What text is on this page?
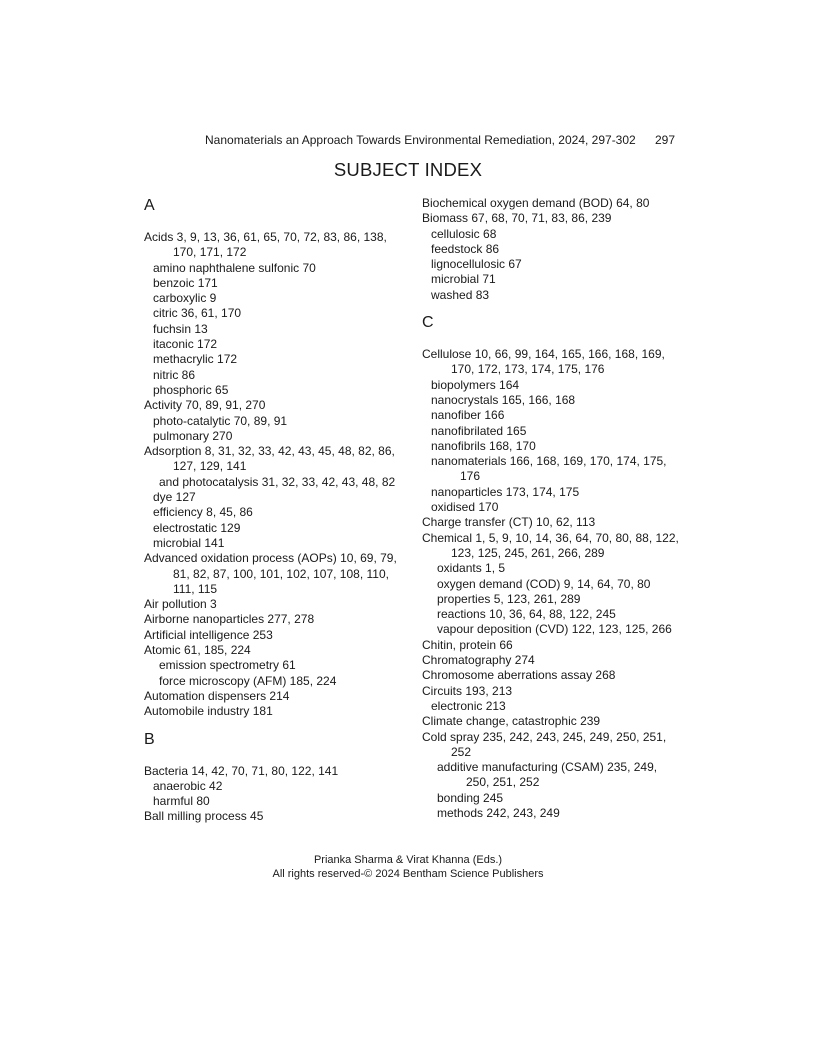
Nanomaterials an Approach Towards Environmental Remediation, 2024, 297-302 297
SUBJECT INDEX
A

Acids 3, 9, 13, 36, 61, 65, 70, 72, 83, 86, 138, 170, 171, 172

amino naphthalene sulfonic 70

benzoic 171

carboxylic 9

citric 36, 61, 170

fuchsin 13

itaconic 172

methacrylic 172

nitric 86

phosphoric 65

Activity 70, 89, 91, 270

photo-catalytic 70, 89, 91

pulmonary 270

Adsorption 8, 31, 32, 33, 42, 43, 45, 48, 82, 86, 127, 129, 141

and photocatalysis 31, 32, 33, 42, 43, 48, 82

dye 127

efficiency 8, 45, 86

electrostatic 129

microbial 141

Advanced oxidation process (AOPs) 10, 69, 79, 81, 82, 87, 100, 101, 102, 107, 108, 110, 111, 115

Air pollution 3

Airborne nanoparticles 277, 278

Artificial intelligence 253

Atomic 61, 185, 224

emission spectrometry 61

force microscopy (AFM) 185, 224

Automation dispensers 214

Automobile industry 181

B

Bacteria 14, 42, 70, 71, 80, 122, 141

anaerobic 42

harmful 80

Ball milling process 45

Biochemical oxygen demand (BOD) 64, 80

Biomass 67, 68, 70, 71, 83, 86, 239

cellulosic 68

feedstock 86

lignocellulosic 67

microbial 71

washed 83

C

Cellulose 10, 66, 99, 164, 165, 166, 168, 169, 170, 172, 173, 174, 175, 176

biopolymers 164

nanocrystals 165, 166, 168

nanofiber 166

nanofibrilated 165

nanofibrils 168, 170

nanomaterials 166, 168, 169, 170, 174, 175, 176

nanoparticles 173, 174, 175

oxidised 170

Charge transfer (CT) 10, 62, 113

Chemical 1, 5, 9, 10, 14, 36, 64, 70, 80, 88, 122, 123, 125, 245, 261, 266, 289

oxidants 1, 5

oxygen demand (COD) 9, 14, 64, 70, 80

properties 5, 123, 261, 289

reactions 10, 36, 64, 88, 122, 245

vapour deposition (CVD) 122, 123, 125, 266

Chitin, protein 66

Chromatography 274

Chromosome aberrations assay 268

Circuits 193, 213

electronic 213

Climate change, catastrophic 239

Cold spray 235, 242, 243, 245, 249, 250, 251, 252

additive manufacturing (CSAM) 235, 249, 250, 251, 252

bonding 245

methods 242, 243, 249

Prianka Sharma & Virat Khanna (Eds.)
All rights reserved-© 2024 Bentham Science Publishers
